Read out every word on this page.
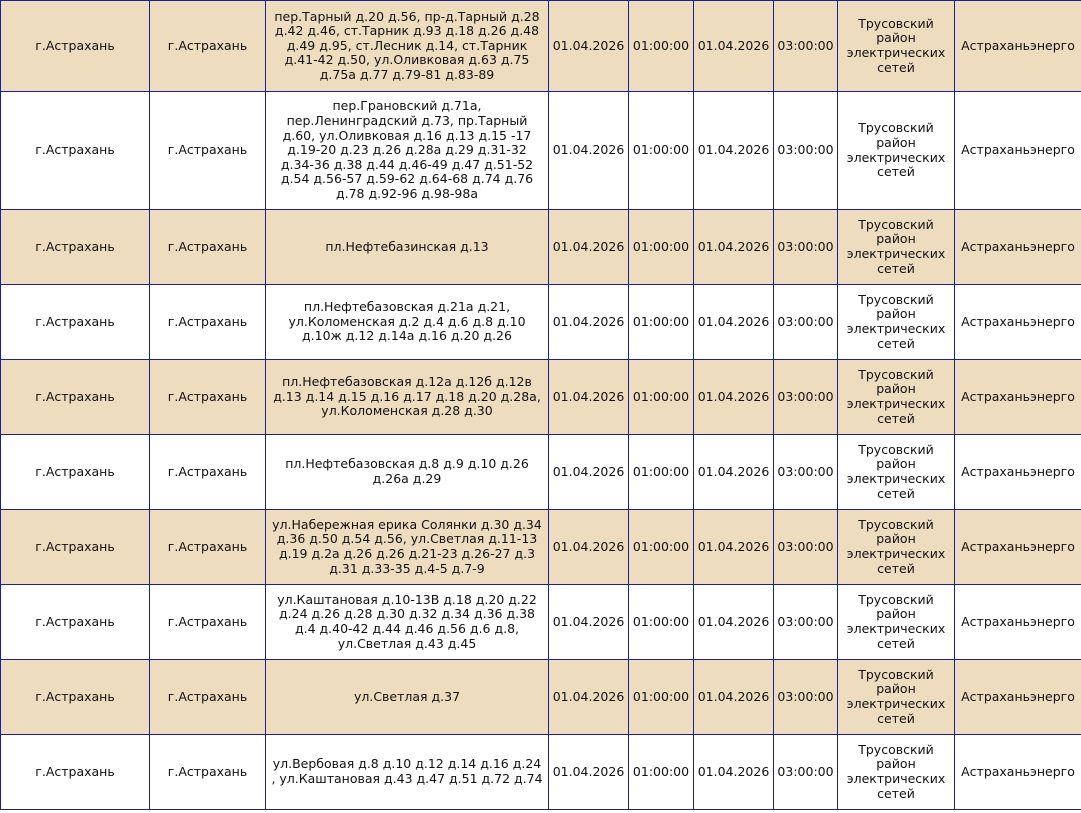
г.Астрахань	г.Астрахань	пер.Тарный д.20 д.56, пр-д.Тарный д.28 д.42 д.46, ст.Тарник д.93 д.18 д.26 д.48 д.49 д.95, ст.Лесник д.14, ст.Тарник д.41-42 д.50, ул.Оливковая д.63 д.75 д.75а д.77 д.79-81 д.83-89	01.04.2026	01:00:00	01.04.2026	03:00:00	Трусовский район электрических сетей	Астраханьэнерго
г.Астрахань	г.Астрахань	пер.Грановский д.71а, пер.Ленинградский д.73, пр.Тарный д.60, ул.Оливковая д.16 д.13 д.15 -17 д.19-20 д.23 д.26 д.28а д.29 д.31-32 д.34-36 д.38 д.44 д.46-49 д.47 д.51-52 д.54 д.56-57 д.59-62 д.64-68 д.74 д.76 д.78 д.92-96 д.98-98а	01.04.2026	01:00:00	01.04.2026	03:00:00	Трусовский район электрических сетей	Астраханьэнерго
г.Астрахань	г.Астрахань	пл.Нефтебазинская д.13	01.04.2026	01:00:00	01.04.2026	03:00:00	Трусовский район электрических сетей	Астраханьэнерго
г.Астрахань	г.Астрахань	пл.Нефтебазовская д.21а д.21, ул.Коломенская д.2 д.4 д.6 д.8 д.10 д.10ж д.12 д.14а д.16 д.20 д.26	01.04.2026	01:00:00	01.04.2026	03:00:00	Трусовский район электрических сетей	Астраханьэнерго
г.Астрахань	г.Астрахань	пл.Нефтебазовская д.12а д.12б д.12в д.13 д.14 д.15 д.16 д.17 д.18 д.20 д.28а, ул.Коломенская д.28 д.30	01.04.2026	01:00:00	01.04.2026	03:00:00	Трусовский район электрических сетей	Астраханьэнерго
г.Астрахань	г.Астрахань	пл.Нефтебазовская д.8 д.9 д.10 д.26 д.26а д.29	01.04.2026	01:00:00	01.04.2026	03:00:00	Трусовский район электрических сетей	Астраханьэнерго
г.Астрахань	г.Астрахань	ул.Набережная ерика Солянки д.30 д.34 д.36 д.50 д.54 д.56, ул.Светлая д.11-13 д.19 д.2а д.26 д.26 д.21-23 д.26-27 д.3 д.31 д.33-35 д.4-5 д.7-9	01.04.2026	01:00:00	01.04.2026	03:00:00	Трусовский район электрических сетей	Астраханьэнерго
г.Астрахань	г.Астрахань	ул.Каштановая д.10-13В д.18 д.20 д.22 д.24 д.26 д.28 д.30 д.32 д.34 д.36 д.38 д.4 д.40-42 д.44 д.46 д.56 д.6 д.8, ул.Светлая д.43 д.45	01.04.2026	01:00:00	01.04.2026	03:00:00	Трусовский район электрических сетей	Астраханьэнерго
г.Астрахань	г.Астрахань	ул.Светлая д.37	01.04.2026	01:00:00	01.04.2026	03:00:00	Трусовский район электрических сетей	Астраханьэнерго
г.Астрахань	г.Астрахань	ул.Вербовая д.8 д.10 д.12 д.14 д.16 д.24 , ул.Каштановая д.43 д.47 д.51 д.72 д.74	01.04.2026	01:00:00	01.04.2026	03:00:00	Трусовский район электрических сетей	Астраханьэнерго
